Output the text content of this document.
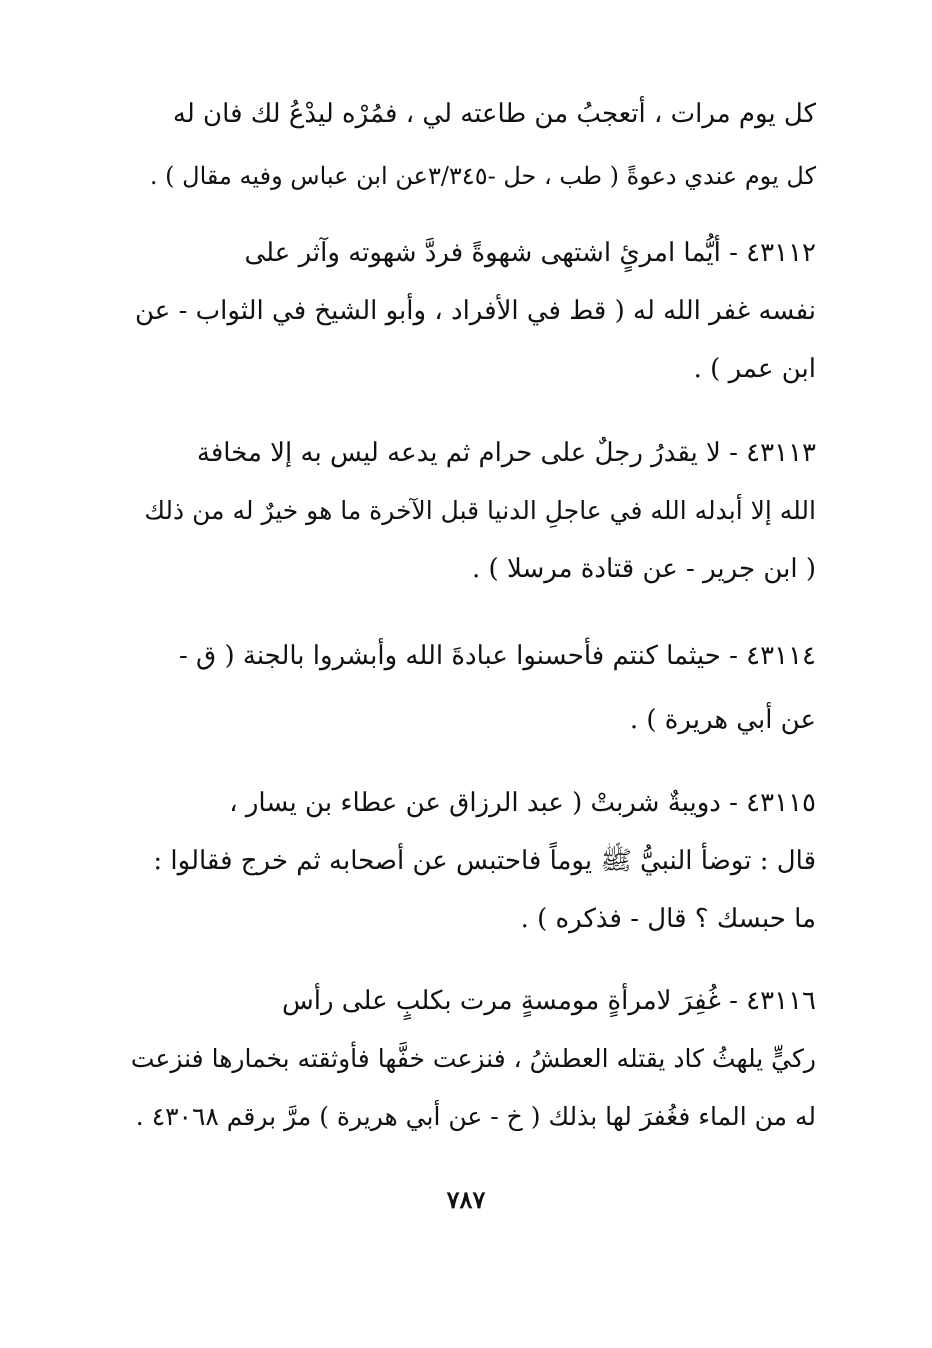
كل يوم مرات ، أتعجبُ من طاعته لي ، فمُرْه ليدْعُ لك فان له
كل يوم عندي دعوةً ( طب ، حل -٣/٣٤٥عن ابن عباس وفيه مقال ) .
٤٣١١٢ - أيُّما امرئٍ اشتهى شهوةً فردَّ شهوته وآثر على
نفسه غفر الله له ( قط في الأفراد ، وأبو الشيخ في الثواب - عن
ابن عمر ) .
٤٣١١٣ - لا يقدرُ رجلٌ على حرام ثم يدعه ليس به إلا مخافة
الله إلا أبدله الله في عاجلِ الدنيا قبل الآخرة ما هو خيرٌ له من ذلك
( ابن جرير - عن قتادة مرسلا ) .
٤٣١١٤ - حيثما كنتم فأحسنوا عبادةَ الله وأبشروا بالجنة ( ق -
عن أبي هريرة ) .
٤٣١١٥ - دويبةٌ شربتْ ( عبد الرزاق عن عطاء بن يسار ،
قال : توضأ النبيُّ ﷺ يوماً فاحتبس عن أصحابه ثم خرج فقالوا :
ما حبسك ؟ قال - فذكره ) .
٤٣١١٦ - غُفِرَ لامرأةٍ مومسةٍ مرت بكلبٍ على رأس
ركيٍّ يلهثُ كاد يقتله العطشُ ، فنزعت خفَّها فأوثقته بخمارها فنزعت
له من الماء فغُفرَ لها بذلك ( خ - عن أبي هريرة ) مرَّ برقم ٤٣٠٦٨ .
٧٨٧
